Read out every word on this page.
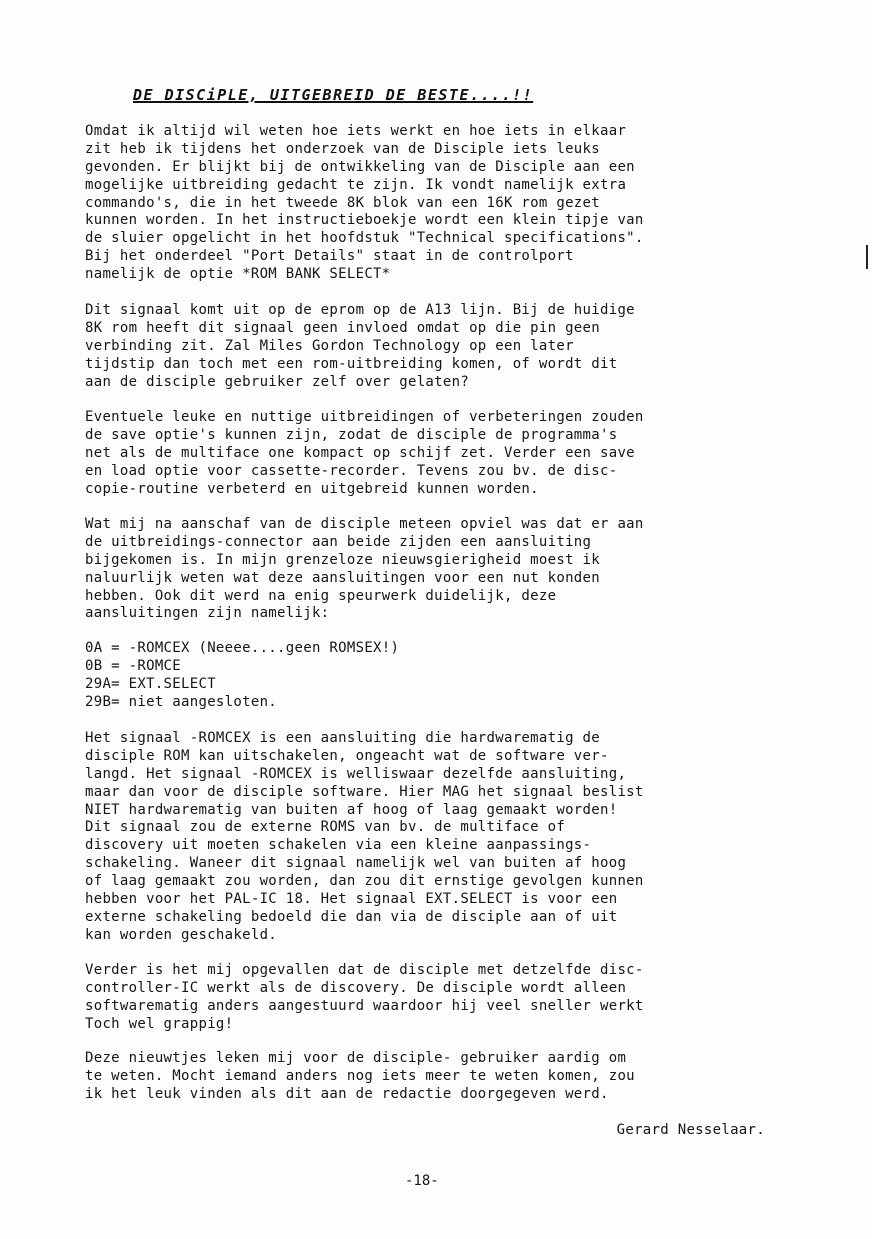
DE DISCiPLE, UITGEBREID DE BESTE....!!
Omdat ik altijd wil weten hoe iets werkt en hoe iets in elkaar
zit heb ik tijdens het onderzoek van de Disciple iets leuks
gevonden. Er blijkt bij de ontwikkeling van de Disciple aan een
mogelijke uitbreiding gedacht te zijn. Ik vondt namelijk extra
commando's, die in het tweede 8K blok van een 16K rom gezet
kunnen worden. In het instructieboekje wordt een klein tipje van
de sluier opgelicht in het hoofdstuk "Technical specifications".
Bij het onderdeel "Port Details" staat in de controlport
namelijk de optie *ROM BANK SELECT*
Dit signaal komt uit op de eprom op de A13 lijn. Bij de huidige
8K rom heeft dit signaal geen invloed omdat op die pin geen
verbinding zit. Zal Miles Gordon Technology op een later
tijdstip dan toch met een rom-uitbreiding komen, of wordt dit
aan de disciple gebruiker zelf over gelaten?
Eventuele leuke en nuttige uitbreidingen of verbeteringen zouden
de save optie's kunnen zijn, zodat de disciple de programma's
net als de multiface one kompact op schijf zet. Verder een save
en load optie voor cassette-recorder. Tevens zou bv. de disc-
copie-routine verbeterd en uitgebreid kunnen worden.
Wat mij na aanschaf van de disciple meteen opviel was dat er aan
de uitbreidings-connector aan beide zijden een aansluiting
bijgekomen is. In mijn grenzeloze nieuwsgierigheid moest ik
naluurlijk weten wat deze aansluitingen voor een nut konden
hebben. Ook dit werd na enig speurwerk duidelijk, deze
aansluitingen zijn namelijk:
0A = -ROMCEX (Neeee....geen ROMSEX!)
0B = -ROMCE
29A= EXT.SELECT
29B= niet aangesloten.
Het signaal -ROMCEX is een aansluiting die hardwarematig de
disciple ROM kan uitschakelen, ongeacht wat de software ver-
langd. Het signaal -ROMCEX is welliswaar dezelfde aansluiting,
maar dan voor de disciple software. Hier MAG het signaal beslist
NIET hardwarematig van buiten af hoog of laag gemaakt worden!
Dit signaal zou de externe ROMS van bv. de multiface of
discovery uit moeten schakelen via een kleine aanpassings-
schakeling. Waneer dit signaal namelijk wel van buiten af hoog
of laag gemaakt zou worden, dan zou dit ernstige gevolgen kunnen
hebben voor het PAL-IC 18. Het signaal EXT.SELECT is voor een
externe schakeling bedoeld die dan via de disciple aan of uit
kan worden geschakeld.
Verder is het mij opgevallen dat de disciple met detzelfde disc-
controller-IC werkt als de discovery. De disciple wordt alleen
softwarematig anders aangestuurd waardoor hij veel sneller werkt
Toch wel grappig!
Deze nieuwtjes leken mij voor de disciple- gebruiker aardig om
te weten. Mocht iemand anders nog iets meer te weten komen, zou
ik het leuk vinden als dit aan de redactie doorgegeven werd.
Gerard Nesselaar.
-18-
